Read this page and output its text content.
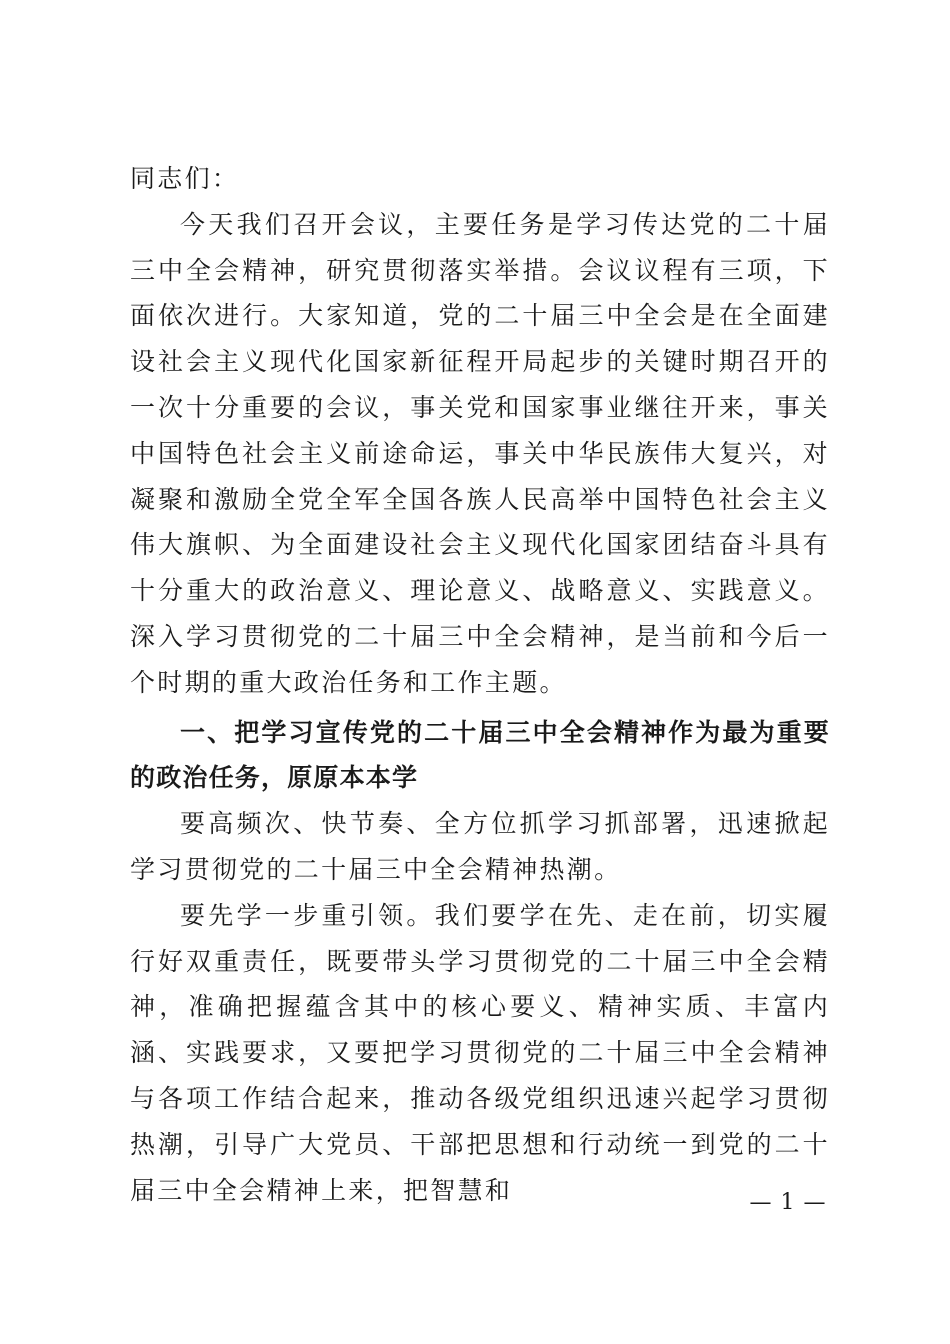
同志们：

今天我们召开会议，主要任务是学习传达党的二十届三中全会精神，研究贯彻落实举措。会议议程有三项，下面依次进行。大家知道，党的二十届三中全会是在全面建设社会主义现代化国家新征程开局起步的关键时期召开的一次十分重要的会议，事关党和国家事业继往开来，事关中国特色社会主义前途命运，事关中华民族伟大复兴，对凝聚和激励全党全军全国各族人民高举中国特色社会主义伟大旗帜、为全面建设社会主义现代化国家团结奋斗具有十分重大的政治意义、理论意义、战略意义、实践意义。深入学习贯彻党的二十届三中全会精神，是当前和今后一个时期的重大政治任务和工作主题。

一、把学习宣传党的二十届三中全会精神作为最为重要的政治任务，原原本本学

要高频次、快节奏、全方位抓学习抓部署，迅速掀起学习贯彻党的二十届三中全会精神热潮。

要先学一步重引领。我们要学在先、走在前，切实履行好双重责任，既要带头学习贯彻党的二十届三中全会精神，准确把握蕴含其中的核心要义、精神实质、丰富内涵、实践要求，又要把学习贯彻党的二十届三中全会精神与各项工作结合起来，推动各级党组织迅速兴起学习贯彻热潮，引导广大党员、干部把思想和行动统一到党的二十届三中全会精神上来，把智慧和	— 1 —
